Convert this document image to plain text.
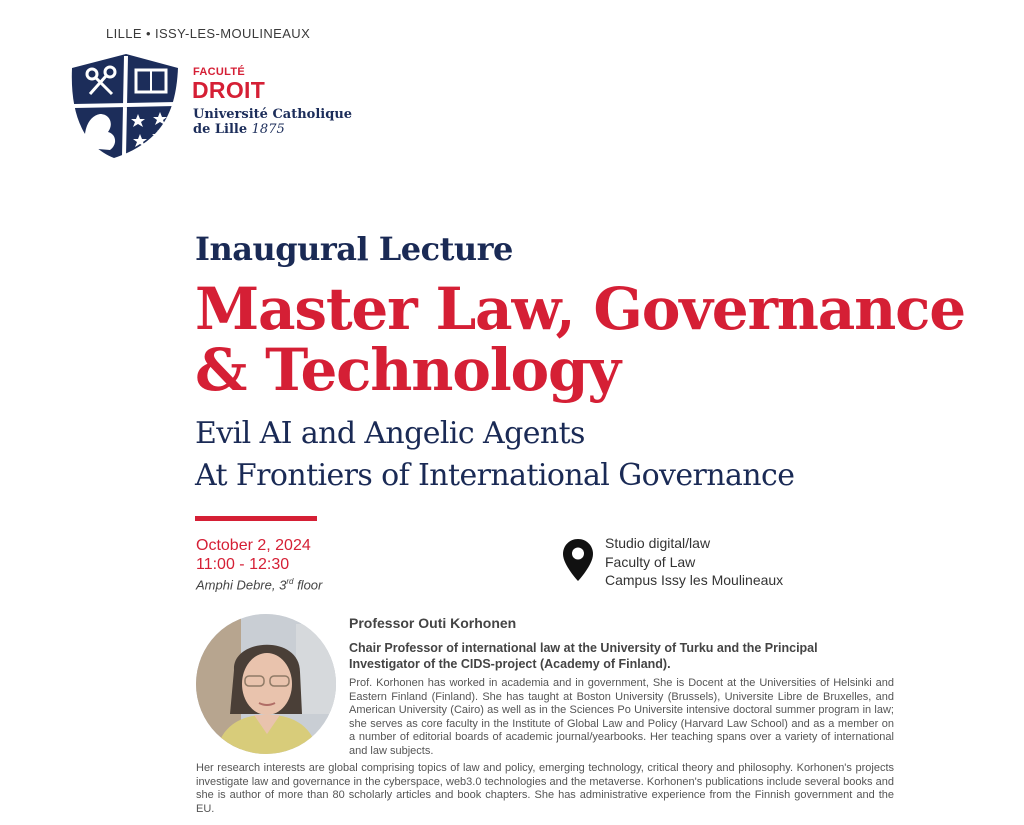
LILLE • ISSY-LES-MOULINEAUX
FACULTÉ
DROIT
Université Catholique
de Lille 1875
Inaugural Lecture
Master Law, Governance
& Technology
Evil AI and Angelic Agents
At Frontiers of International Governance
October 2, 2024
11:00 - 12:30
Amphi Debre, 3rd floor
Studio digital/law
Faculty of Law
Campus Issy les Moulineaux
Professor Outi Korhonen
Chair Professor of international law at the University of Turku and the Principal Investigator of the CIDS-project (Academy of Finland).
Prof. Korhonen has worked in academia and in government, She is Docent at the Universities of Helsinki and Eastern Finland (Finland). She has taught at Boston University (Brussels), Universite Libre de Bruxelles, and American University (Cairo) as well as in the Sciences Po Universite intensive doctoral summer program in law; she serves as core faculty in the Institute of Global Law and Policy (Harvard Law School) and as a member on a number of editorial boards of academic journal/yearbooks. Her teaching spans over a variety of international and law subjects.
Her research interests are global comprising topics of law and policy, emerging technology, critical theory and philosophy. Korhonen's projects investigate law and governance in the cyberspace, web3.0 technologies and the metaverse. Korhonen's publications include several books and she is author of more than 80 scholarly articles and book chapters. She has administrative experience from the Finnish government and the EU.
